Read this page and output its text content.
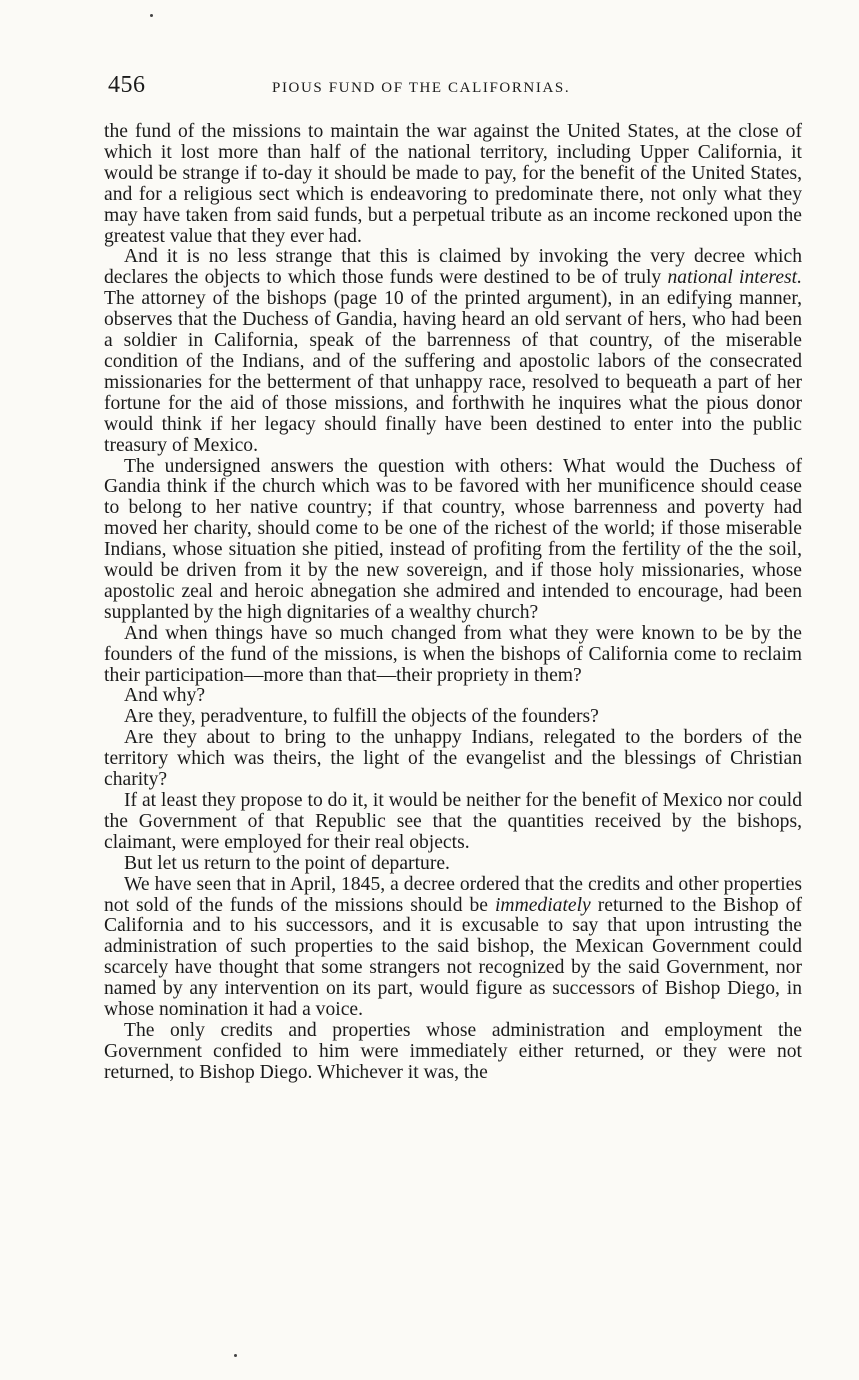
456	PIOUS FUND OF THE CALIFORNIAS.

the fund of the missions to maintain the war against the United States, at the close of which it lost more than half of the national territory, including Upper California, it would be strange if to-day it should be made to pay, for the benefit of the United States, and for a religious sect which is endeavoring to predominate there, not only what they may have taken from said funds, but a perpetual tribute as an income reckoned upon the greatest value that they ever had.

And it is no less strange that this is claimed by invoking the very decree which declares the objects to which those funds were destined to be of truly national interest. The attorney of the bishops (page 10 of the printed argument), in an edifying manner, observes that the Duchess of Gandia, having heard an old servant of hers, who had been a soldier in California, speak of the barrenness of that country, of the miserable condition of the Indians, and of the suffering and apostolic labors of the consecrated missionaries for the betterment of that unhappy race, resolved to bequeath a part of her fortune for the aid of those missions, and forthwith he inquires what the pious donor would think if her legacy should finally have been destined to enter into the public treasury of Mexico.

The undersigned answers the question with others: What would the Duchess of Gandia think if the church which was to be favored with her munificence should cease to belong to her native country; if that country, whose barrenness and poverty had moved her charity, should come to be one of the richest of the world; if those miserable Indians, whose situation she pitied, instead of profiting from the fertility of the the soil, would be driven from it by the new sovereign, and if those holy missionaries, whose apostolic zeal and heroic abnegation she admired and intended to encourage, had been supplanted by the high dignitaries of a wealthy church?

And when things have so much changed from what they were known to be by the founders of the fund of the missions, is when the bishops of California come to reclaim their participation—more than that—their propriety in them?

And why?

Are they, peradventure, to fulfill the objects of the founders?

Are they about to bring to the unhappy Indians, relegated to the borders of the territory which was theirs, the light of the evangelist and the blessings of Christian charity?

If at least they propose to do it, it would be neither for the benefit of Mexico nor could the Government of that Republic see that the quantities received by the bishops, claimant, were employed for their real objects.

But let us return to the point of departure.

We have seen that in April, 1845, a decree ordered that the credits and other properties not sold of the funds of the missions should be immediately returned to the Bishop of California and to his successors, and it is excusable to say that upon intrusting the administration of such properties to the said bishop, the Mexican Government could scarcely have thought that some strangers not recognized by the said Government, nor named by any intervention on its part, would figure as successors of Bishop Diego, in whose nomination it had a voice.

The only credits and properties whose administration and employment the Government confided to him were immediately either returned, or they were not returned, to Bishop Diego. Whichever it was, the
